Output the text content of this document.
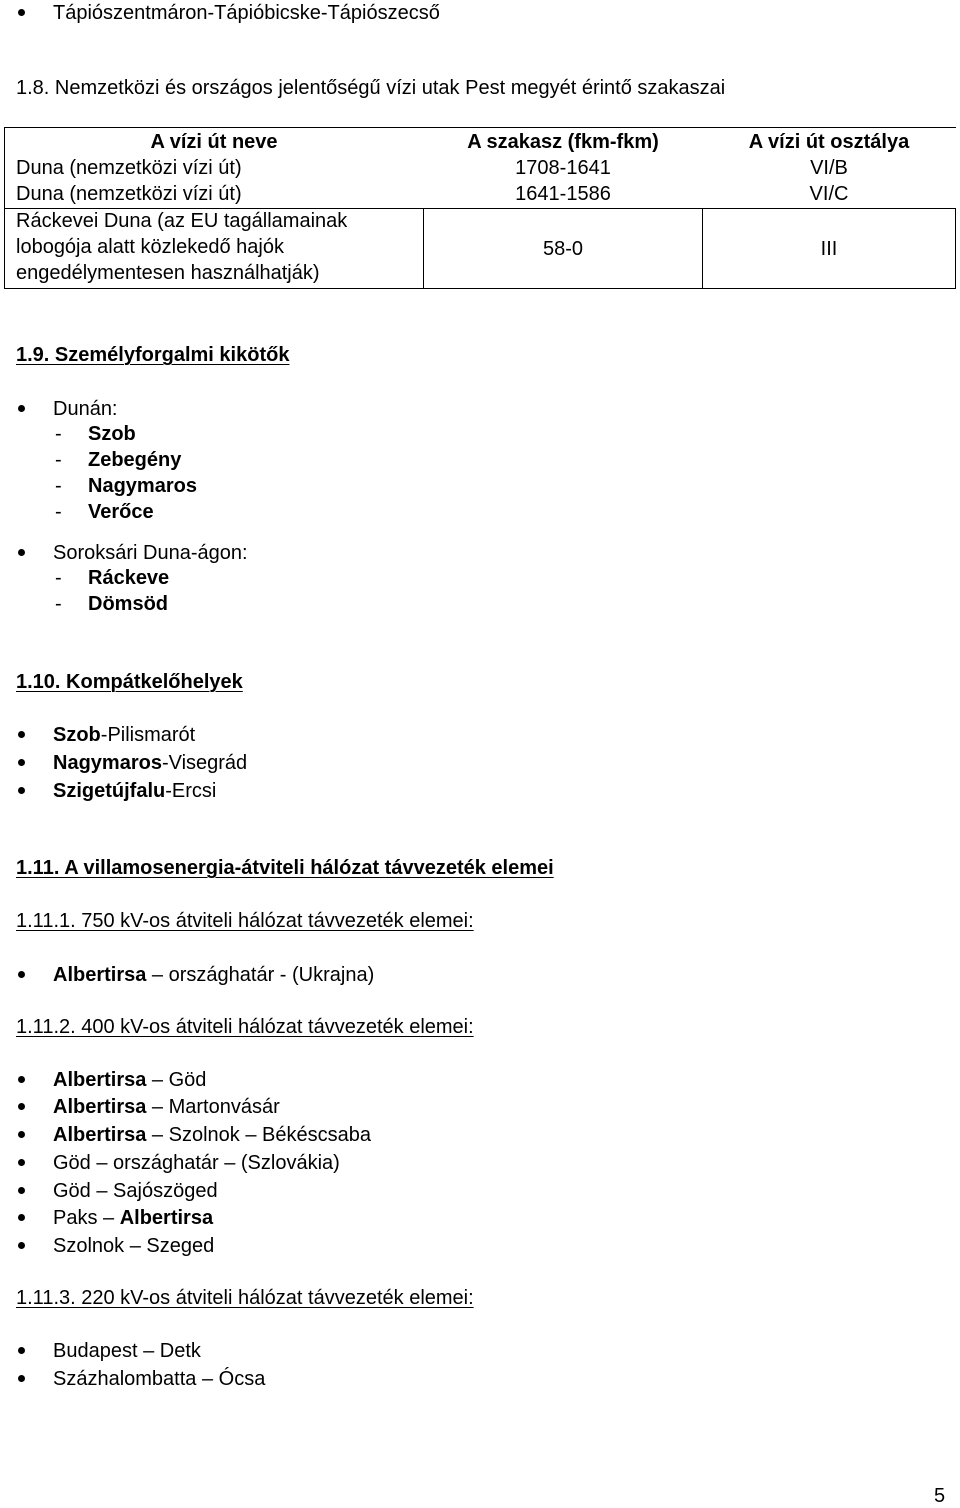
Tápiószentmáron-Tápióbicske-Tápiószecső
1.8. Nemzetközi és országos jelentőségű vízi utak Pest megyét érintő szakaszai
A vízi út neve	A szakasz (fkm-fkm)	A vízi út osztálya
Duna (nemzetközi vízi út)	1708-1641	VI/B
Duna (nemzetközi vízi út)	1641-1586	VI/C
Ráckevei Duna (az EU tagállamainak
lobogója alatt közlekedő hajók
engedélymentesen használhatják)
58-0	III
1.9. Személyforgalmi kikötők
Dunán:
- Szob
- Zebegény
- Nagymaros
- Verőce
Soroksári Duna-ágon:
- Ráckeve
- Dömsöd
1.10. Kompátkelőhelyek
Szob-Pilismarót
Nagymaros-Visegrád
Szigetújfalu-Ercsi
1.11. A villamosenergia-átviteli hálózat távvezeték elemei
1.11.1. 750 kV-os átviteli hálózat távvezeték elemei:
Albertirsa – országhatár - (Ukrajna)
1.11.2. 400 kV-os átviteli hálózat távvezeték elemei:
Albertirsa – Göd
Albertirsa – Martonvásár
Albertirsa – Szolnok – Békéscsaba
Göd – országhatár – (Szlovákia)
Göd – Sajószöged
Paks – Albertirsa
Szolnok – Szeged
1.11.3. 220 kV-os átviteli hálózat távvezeték elemei:
Budapest – Detk
Százhalombatta – Ócsa
5
